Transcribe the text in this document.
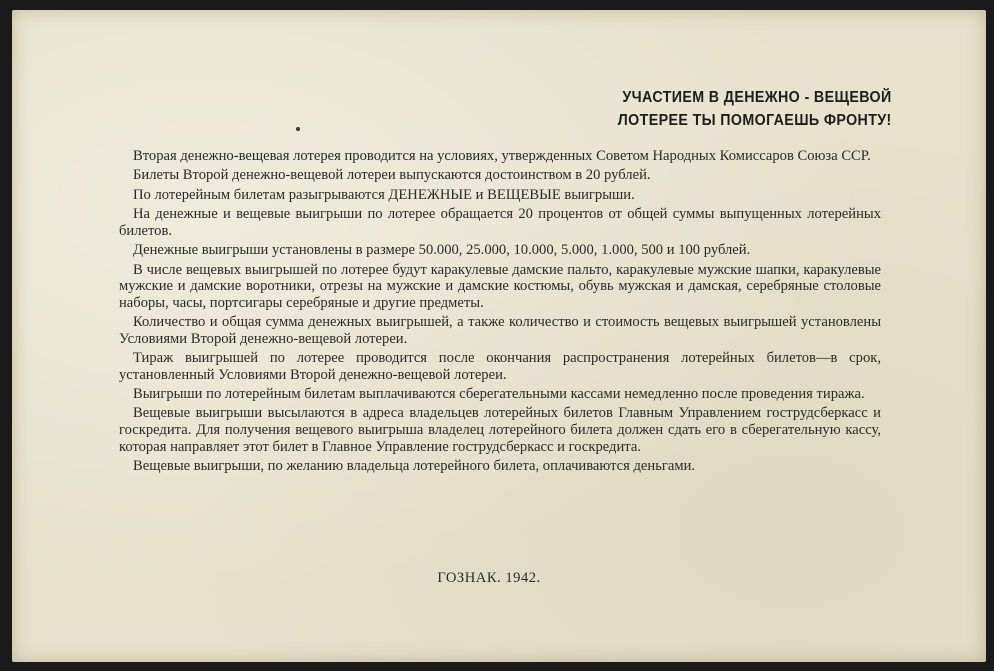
УЧАСТИЕМ В ДЕНЕЖНО - ВЕЩЕВОЙ
ЛОТЕРЕЕ ТЫ ПОМОГАЕШЬ ФРОНТУ!

Вторая денежно-вещевая лотерея проводится на условиях, утвержденных Советом Народных Комиссаров Союза ССР.

Билеты Второй денежно-вещевой лотереи выпускаются достоинством в 20 рублей.

По лотерейным билетам разыгрываются ДЕНЕЖНЫЕ и ВЕЩЕВЫЕ выигрыши.

На денежные и вещевые выигрыши по лотерее обращается 20 процентов от общей суммы выпущенных лотерейных билетов.

Денежные выигрыши установлены в размере 50.000, 25.000, 10.000, 5.000, 1.000, 500 и 100 рублей.

В числе вещевых выигрышей по лотерее будут каракулевые дамские пальто, каракулевые мужские шапки, каракулевые мужские и дамские воротники, отрезы на мужские и дамские костюмы, обувь мужская и дамская, серебряные столовые наборы, часы, портсигары серебряные и другие предметы.

Количество и общая сумма денежных выигрышей, а также количество и стоимость вещевых выигрышей установлены Условиями Второй денежно-вещевой лотереи.

Тираж выигрышей по лотерее проводится после окончания распространения лотерейных билетов—в срок, установленный Условиями Второй денежно-вещевой лотереи.

Выигрыши по лотерейным билетам выплачиваются сберегательными кассами немедленно после проведения тиража.

Вещевые выигрыши высылаются в адреса владельцев лотерейных билетов Главным Управлением гострудсберкасс и госкредита. Для получения вещевого выигрыша владелец лотерейного билета должен сдать его в сберегательную кассу, которая направляет этот билет в Главное Управление гострудсберкасс и госкредита.

Вещевые выигрыши, по желанию владельца лотерейного билета, оплачиваются деньгами.

ГОЗНАК. 1942.
